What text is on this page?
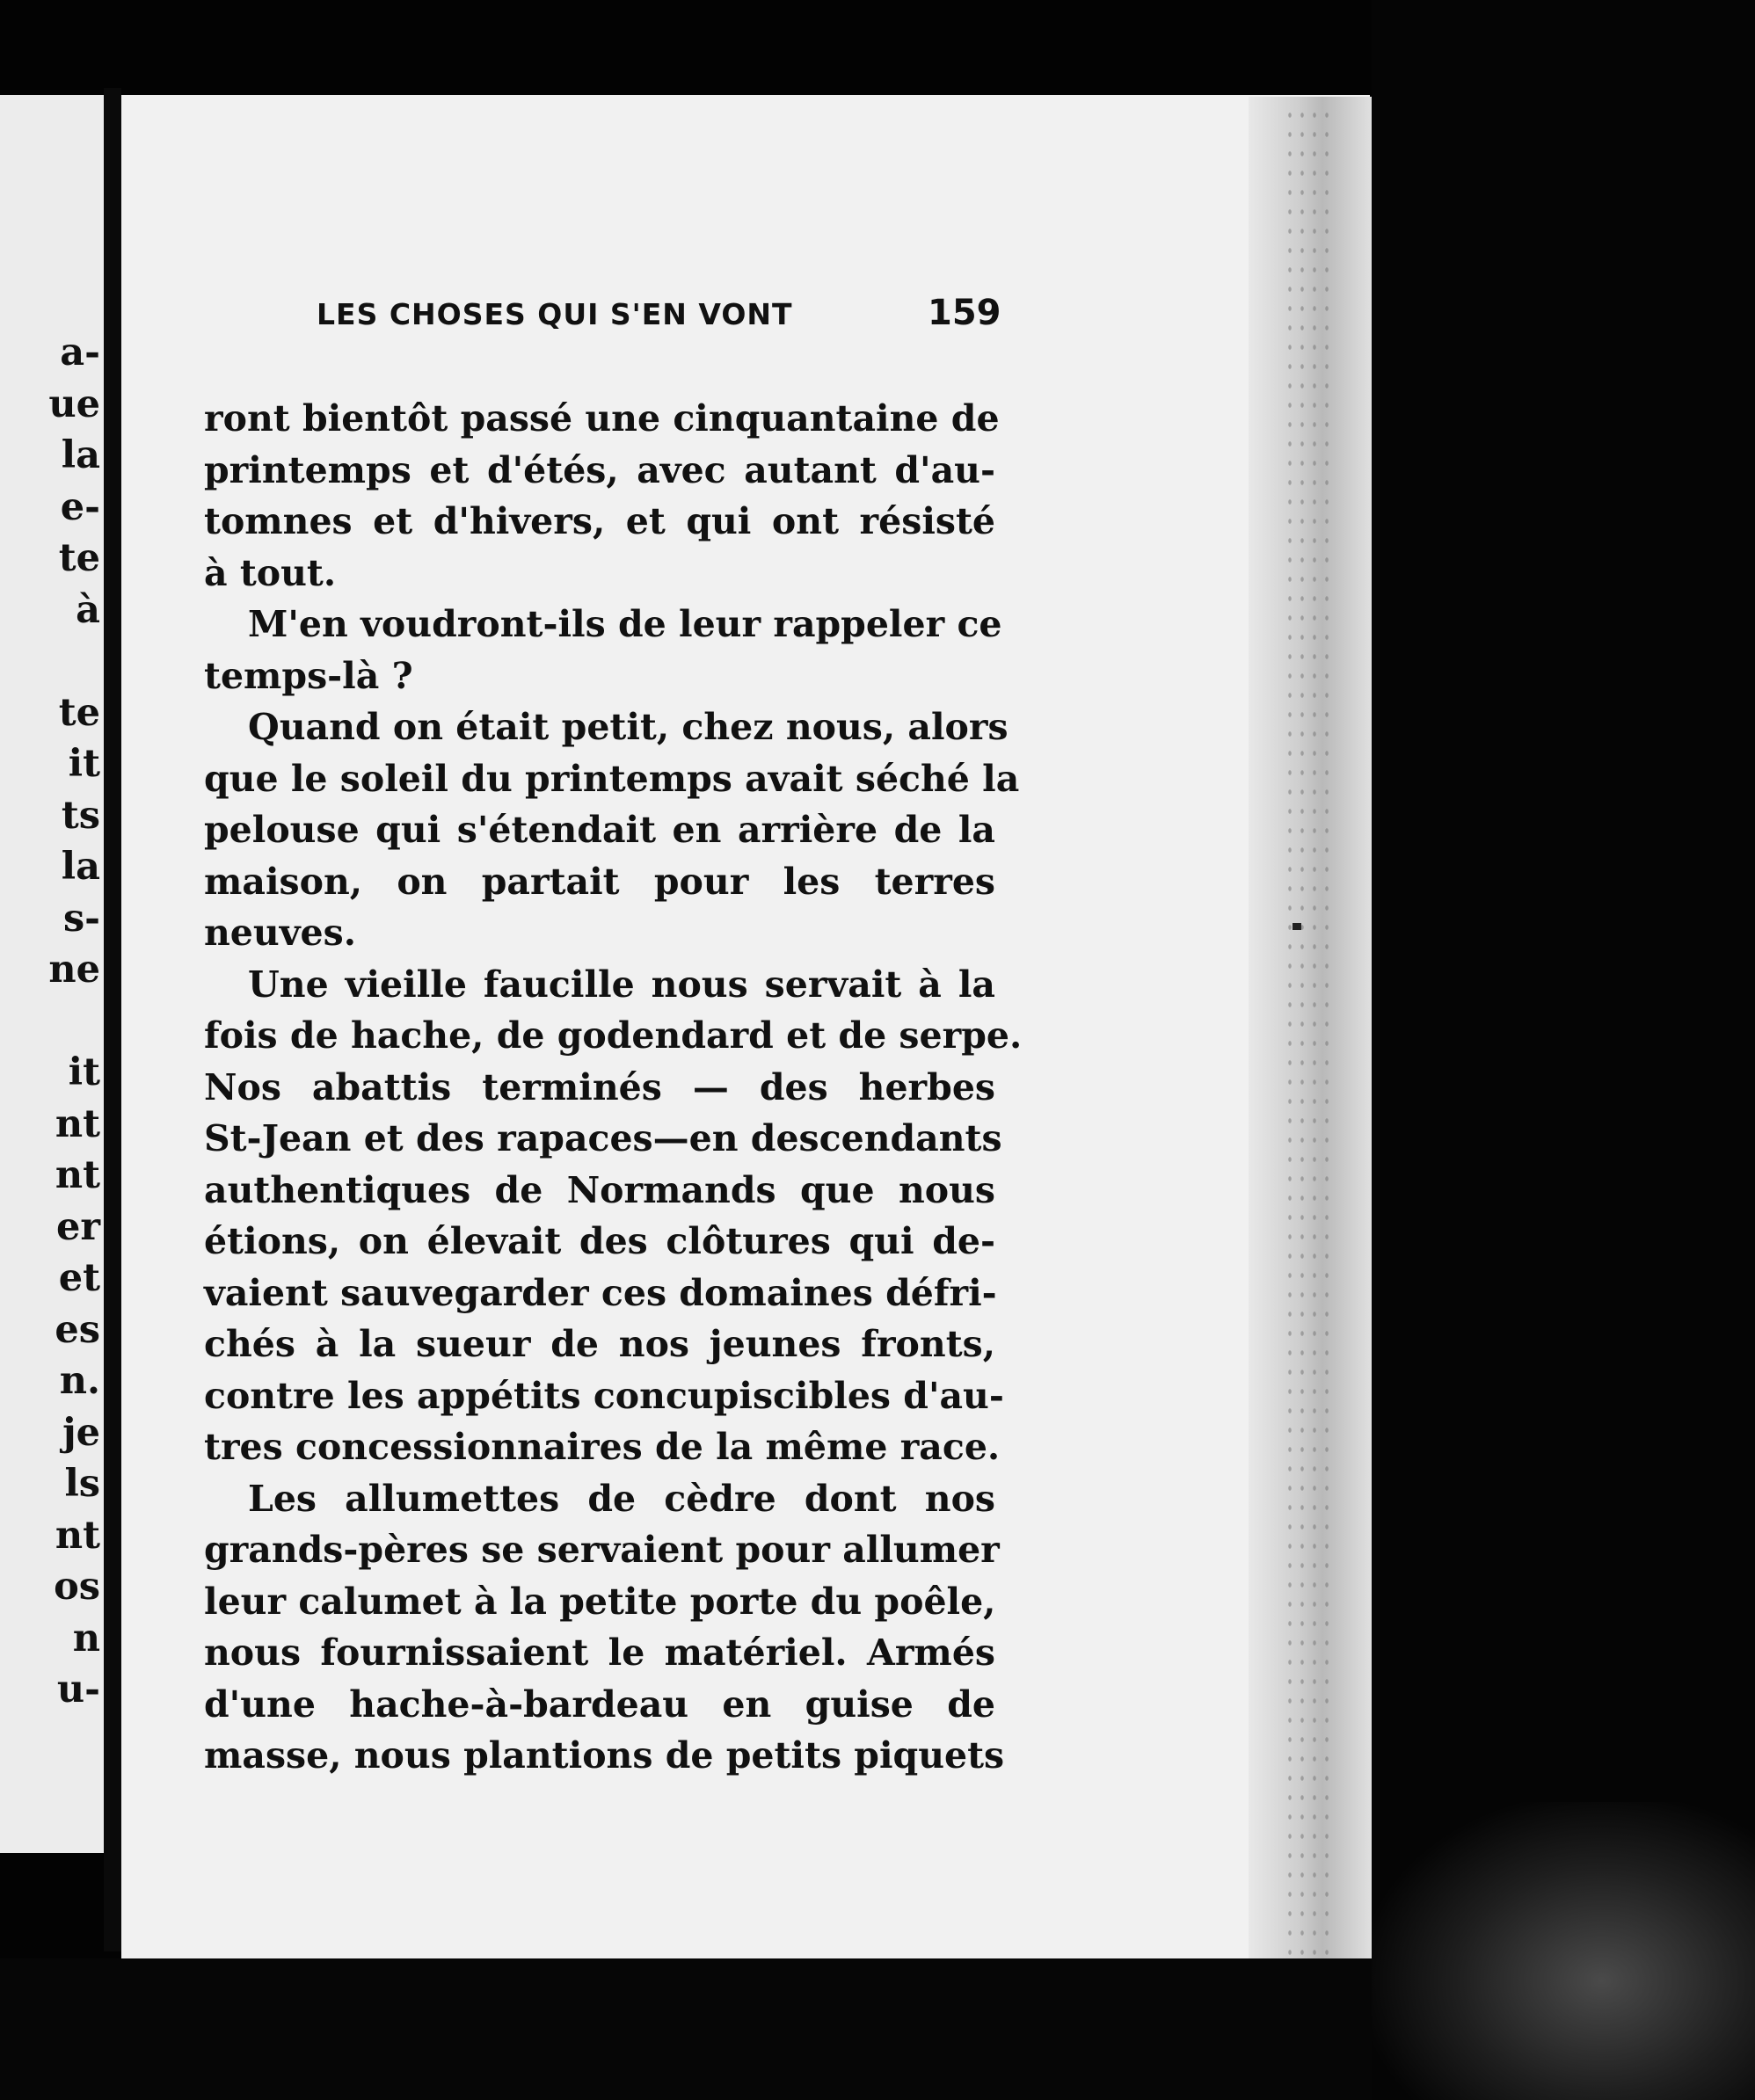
a-
ue
la
e-
te
à
te
it
ts
la
s-
ne
it
nt
nt
er
et
es
n.
je
ls
nt
os
n
u-
LES CHOSES QUI S'EN VONT	159
ront bientôt passé une cinquantaine de
printemps et d'étés, avec autant d'au-
tomnes et d'hivers, et qui ont résisté
à tout.
M'en voudront-ils de leur rappeler ce
temps-là ?
Quand on était petit, chez nous, alors
que le soleil du printemps avait séché la
pelouse qui s'étendait en arrière de la
maison, on partait pour les terres
neuves.
Une vieille faucille nous servait à la
fois de hache, de godendard et de serpe.
Nos abattis terminés — des herbes
St-Jean et des rapaces—en descendants
authentiques de Normands que nous
étions, on élevait des clôtures qui de-
vaient sauvegarder ces domaines défri-
chés à la sueur de nos jeunes fronts,
contre les appétits concupiscibles d'au-
tres concessionnaires de la même race.
Les allumettes de cèdre dont nos
grands-pères se servaient pour allumer
leur calumet à la petite porte du poêle,
nous fournissaient le matériel. Armés
d'une hache-à-bardeau en guise de
masse, nous plantions de petits piquets
